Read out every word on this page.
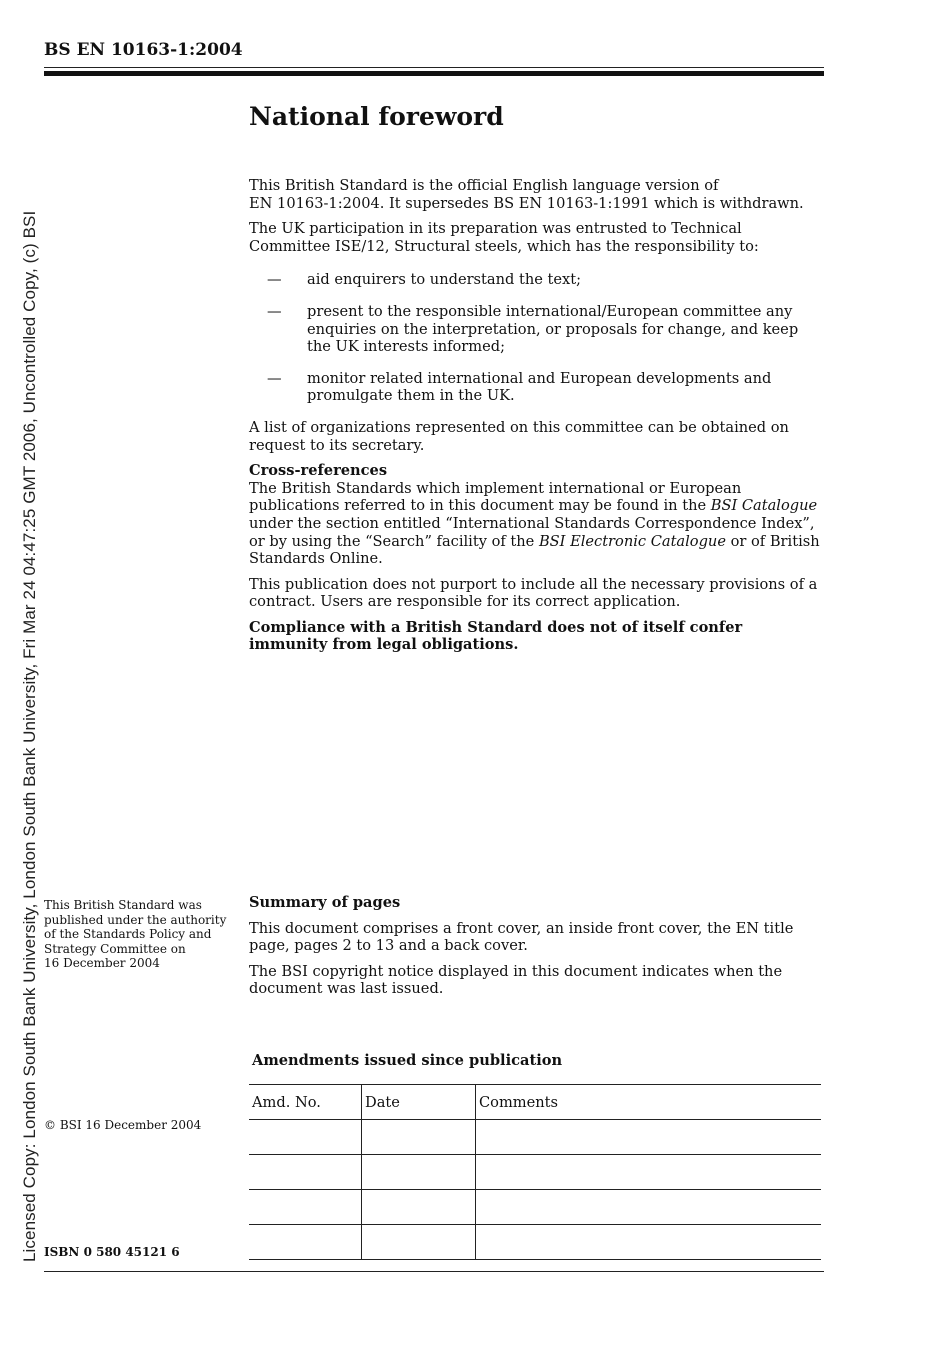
Licensed Copy: London South Bank University, London South Bank University, Fri Mar 24 04:47:25 GMT 2006, Uncontrolled Copy, (c) BSI
BS EN 10163-1:2004
National foreword

This British Standard is the official English language version of
EN 10163-1:2004. It supersedes BS EN 10163-1:1991 which is withdrawn.

The UK participation in its preparation was entrusted to Technical Committee ISE/12, Structural steels, which has the responsibility to:

— aid enquirers to understand the text;
— present to the responsible international/European committee any enquiries on the interpretation, or proposals for change, and keep the UK interests informed;
— monitor related international and European developments and promulgate them in the UK.

A list of organizations represented on this committee can be obtained on request to its secretary.

Cross-references

The British Standards which implement international or European publications referred to in this document may be found in the BSI Catalogue under the section entitled “International Standards Correspondence Index”, or by using the “Search” facility of the BSI Electronic Catalogue or of British Standards Online.

This publication does not purport to include all the necessary provisions of a contract. Users are responsible for its correct application.

Compliance with a British Standard does not of itself confer immunity from legal obligations.

This British Standard was
published under the authority
of the Standards Policy and
Strategy Committee on
16 December 2004
Summary of pages

This document comprises a front cover, an inside front cover, the EN title page, pages 2 to 13 and a back cover.

The BSI copyright notice displayed in this document indicates when the document was last issued.

© BSI 16 December 2004
Amendments issued since publication
Amd. No.	Date	Comments

ISBN 0 580 45121 6
